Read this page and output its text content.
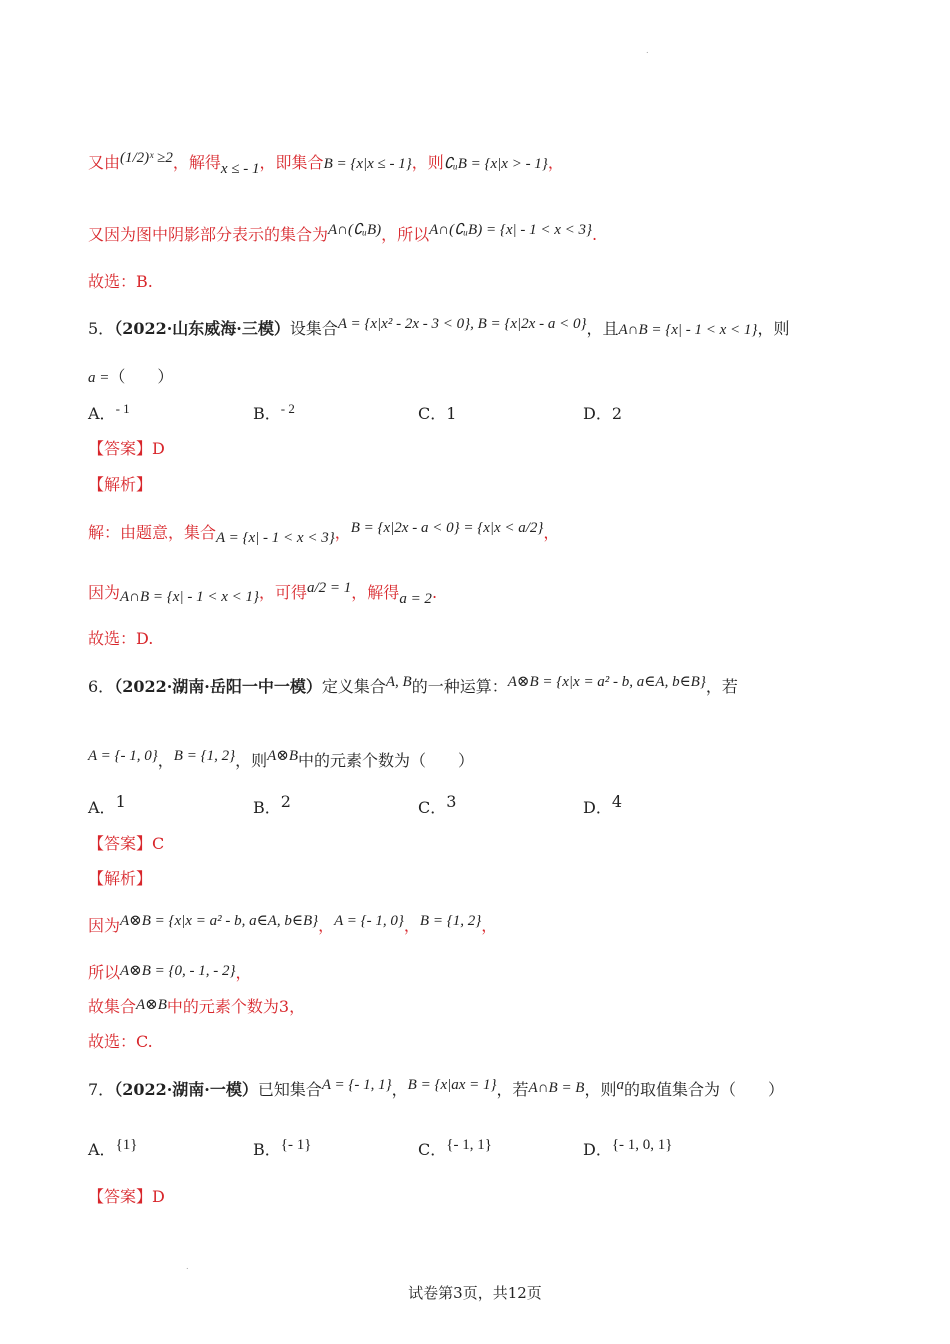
.
又由(1/2)ˣ ≥2，解得x ≤ - 1，即集合B = {x|x ≤ - 1}，则∁ᵤB = {x|x > - 1}，
又因为图中阴影部分表示的集合为A∩(∁ᵤB)，所以A∩(∁ᵤB) = {x| - 1 < x < 3}.
故选：B.
5．（2022·山东威海·三模）设集合A = {x|x² - 2x - 3 < 0}, B = {x|2x - a < 0}，且A∩B = {x| - 1 < x < 1}，则
a =（　　）
A．$^{- 1}$	B．$^{- 2}$	C．1	D．2
【答案】D
【解析】
解：由题意，集合A = {x| - 1 < x < 3}，B = {x|2x - a < 0} = {x|x < a/2}，
因为A∩B = {x| - 1 < x < 1}，可得a/2 = 1，解得a = 2.
故选：D.
6．（2022·湖南·岳阳一中一模）定义集合A, B的一种运算：A⊗B = {x|x = a² - b, a∈A, b∈B}，若
A = {- 1, 0}，B = {1, 2}，则A⊗B中的元素个数为（　　）
A．1	B．2	C．3	D．4
【答案】C
【解析】
因为A⊗B = {x|x = a² - b, a∈A, b∈B}，A = {- 1, 0}，B = {1, 2}，
所以A⊗B = {0, - 1, - 2}，
故集合A⊗B中的元素个数为3，
故选：C.
7．（2022·湖南·一模）已知集合A = {- 1, 1}，B = {x|ax = 1}，若A∩B = B，则a的取值集合为（　　）
A．{1}	B．{- 1}	C．{- 1, 1}	D．{- 1, 0, 1}
【答案】D
.
试卷第3页，共12页
